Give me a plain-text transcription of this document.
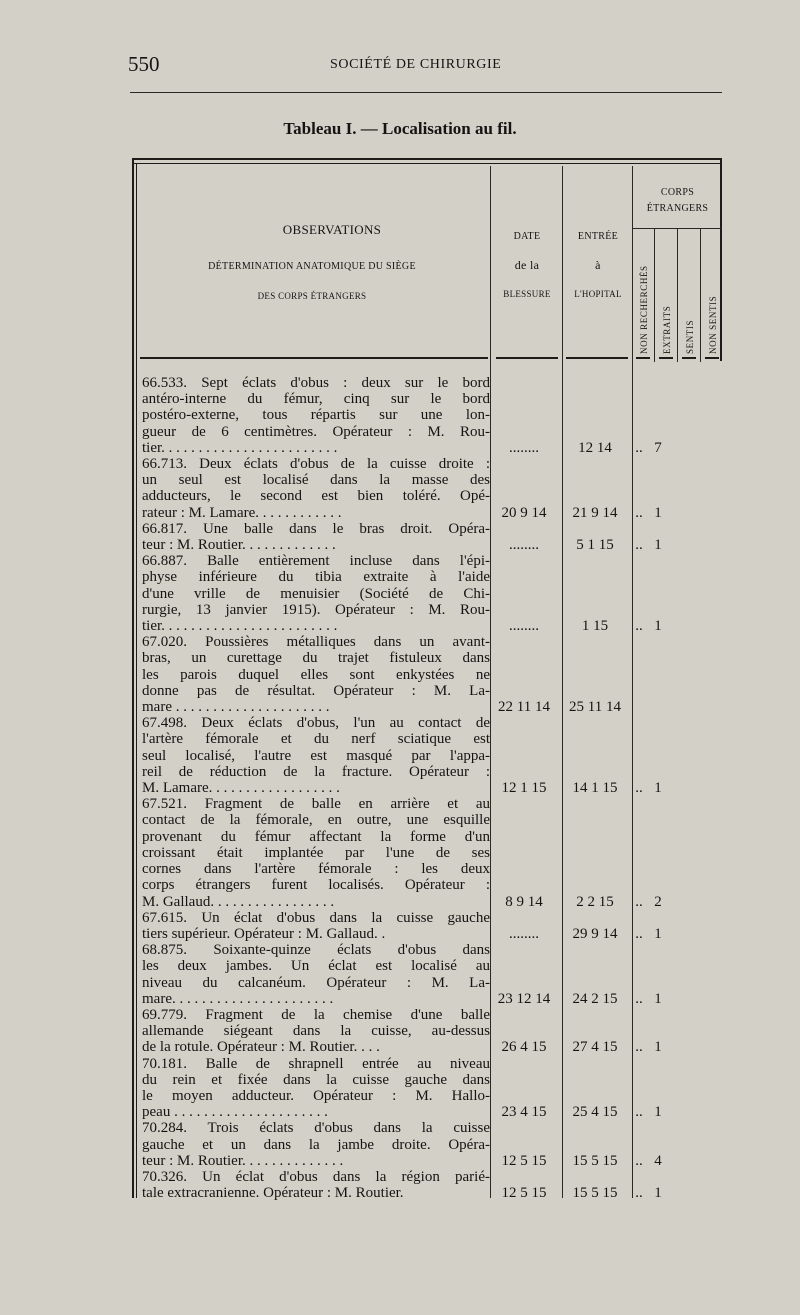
550	SOCIÉTÉ DE CHIRURGIE
Tableau I. — Localisation au fil.
OBSERVATIONS
DÉTERMINATION ANATOMIQUE DU SIÈGE
DES CORPS ÉTRANGERS
DATE
de la
BLESSURE
ENTRÉE
à
L'HOPITAL
CORPS
ÉTRANGERS
NON RECHERCHÉS EXTRAITS SENTIS NON SENTIS
66.533. Sept éclats d'obus : deux sur le bord
antéro-interne du fémur, cinq sur le bord
postéro-externe, tous répartis sur une lon-
gueur de 6 centimètres. Opérateur : M. Rou-
tier. . . . . . . . . . . . . . . . . . . . . . . .	........	12 14	.. 7
66.713. Deux éclats d'obus de la cuisse droite :
un seul est localisé dans la masse des
adducteurs, le second est bien toléré. Opé-
rateur : M. Lamare. . . . . . . . . . . .	20 9 14	21 9 14	.. 1
66.817. Une balle dans le bras droit. Opéra-
teur : M. Routier. . . . . . . . . . . . .	........	5 1 15	.. 1
66.887. Balle entièrement incluse dans l'épi-
physe inférieure du tibia extraite à l'aide
d'une vrille de menuisier (Société de Chi-
rurgie, 13 janvier 1915). Opérateur : M. Rou-
tier. . . . . . . . . . . . . . . . . . . . . . . .	........	1 15	.. 1
67.020. Poussières métalliques dans un avant-
bras, un curettage du trajet fistuleux dans
les parois duquel elles sont enkystées ne
donne pas de résultat. Opérateur : M. La-
mare . . . . . . . . . . . . . . . . . . . . .	22 11 14	25 11 14
67.498. Deux éclats d'obus, l'un au contact de
l'artère fémorale et du nerf sciatique est
seul localisé, l'autre est masqué par l'appa-
reil de réduction de la fracture. Opérateur :
M. Lamare. . . . . . . . . . . . . . . . . .	12 1 15	14 1 15	.. 1
67.521. Fragment de balle en arrière et au
contact de la fémorale, en outre, une esquille
provenant du fémur affectant la forme d'un
croissant était implantée par l'une de ses
cornes dans l'artère fémorale : les deux
corps étrangers furent localisés. Opérateur :
M. Gallaud. . . . . . . . . . . . . . . . .	8 9 14	2 2 15	.. 2
67.615. Un éclat d'obus dans la cuisse gauche
tiers supérieur. Opérateur : M. Gallaud. .	........	29 9 14	.. 1
68.875. Soixante-quinze éclats d'obus dans
les deux jambes. Un éclat est localisé au
niveau du calcanéum. Opérateur : M. La-
mare. . . . . . . . . . . . . . . . . . . . . .	23 12 14	24 2 15	.. 1
69.779. Fragment de la chemise d'une balle
allemande siégeant dans la cuisse, au-dessus
de la rotule. Opérateur : M. Routier. . . .	26 4 15	27 4 15	.. 1
70.181. Balle de shrapnell entrée au niveau
du rein et fixée dans la cuisse gauche dans
le moyen adducteur. Opérateur : M. Hallo-
peau . . . . . . . . . . . . . . . . . . . . .	23 4 15	25 4 15	.. 1
70.284. Trois éclats d'obus dans la cuisse
gauche et un dans la jambe droite. Opéra-
teur : M. Routier. . . . . . . . . . . . . .	12 5 15	15 5 15	.. 4
70.326. Un éclat d'obus dans la région parié-
tale extracranienne. Opérateur : M. Routier.	12 5 15	15 5 15	.. 1
